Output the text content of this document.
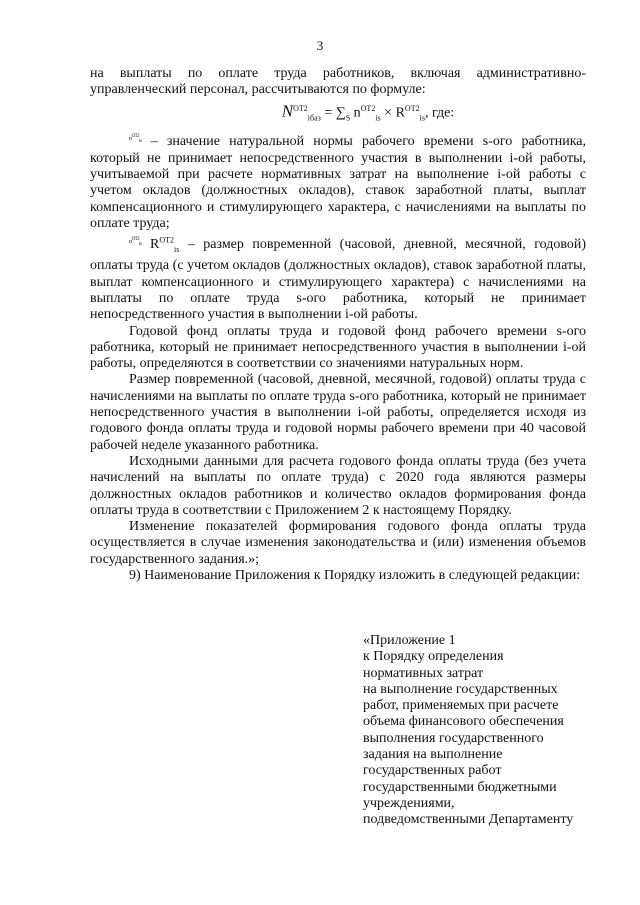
3

на выплаты по оплате труда работников, включая административно-управленческий персонал, рассчитываются по формуле:

$N^{ОТ2}_{iбаз} = \sum_S$ $n^{ОТ2}_{is} \times R^{ОТ2}_{is}$, где:

$^{n^{ОТ2}_{is}}$ – значение натуральной нормы рабочего времени s-ого работника, который не принимает непосредственного участия в выполнении i-ой работы, учитываемой при расчете нормативных затрат на выполнение i-ой работы с учетом окладов (должностных окладов), ставок заработной платы, выплат компенсационного и стимулирующего характера, с начислениями на выплаты по оплате труда;

$^{n^{ОТ2}_{is}}$ $R^{ОТ2}_{is}$ – размер повременной (часовой, дневной, месячной, годовой) оплаты труда (с учетом окладов (должностных окладов), ставок заработной платы, выплат компенсационного и стимулирующего характера) с начислениями на выплаты по оплате труда s-ого работника, который не принимает непосредственного участия в выполнении i-ой работы.

Годовой фонд оплаты труда и годовой фонд рабочего времени s-ого работника, который не принимает непосредственного участия в выполнении i-ой работы, определяются в соответствии со значениями натуральных норм.

Размер повременной (часовой, дневной, месячной, годовой) оплаты труда с начислениями на выплаты по оплате труда s-ого работника, который не принимает непосредственного участия в выполнении i-ой работы, определяется исходя из годового фонда оплаты труда и годовой нормы рабочего времени при 40 часовой рабочей неделе указанного работника.

Исходными данными для расчета годового фонда оплаты труда (без учета начислений на выплаты по оплате труда) с 2020 года являются размеры должностных окладов работников и количество окладов формирования фонда оплаты труда в соответствии с Приложением 2 к настоящему Порядку.

Изменение показателей формирования годового фонда оплаты труда осуществляется в случае изменения законодательства и (или) изменения объемов государственного задания.»;

9) Наименование Приложения к Порядку изложить в следующей редакции:

«Приложение 1
к Порядку определения
нормативных затрат
на выполнение государственных
работ, применяемых при расчете
объема финансового обеспечения
выполнения государственного
задания на выполнение
государственных работ
государственными бюджетными
учреждениями,
подведомственными Департаменту
